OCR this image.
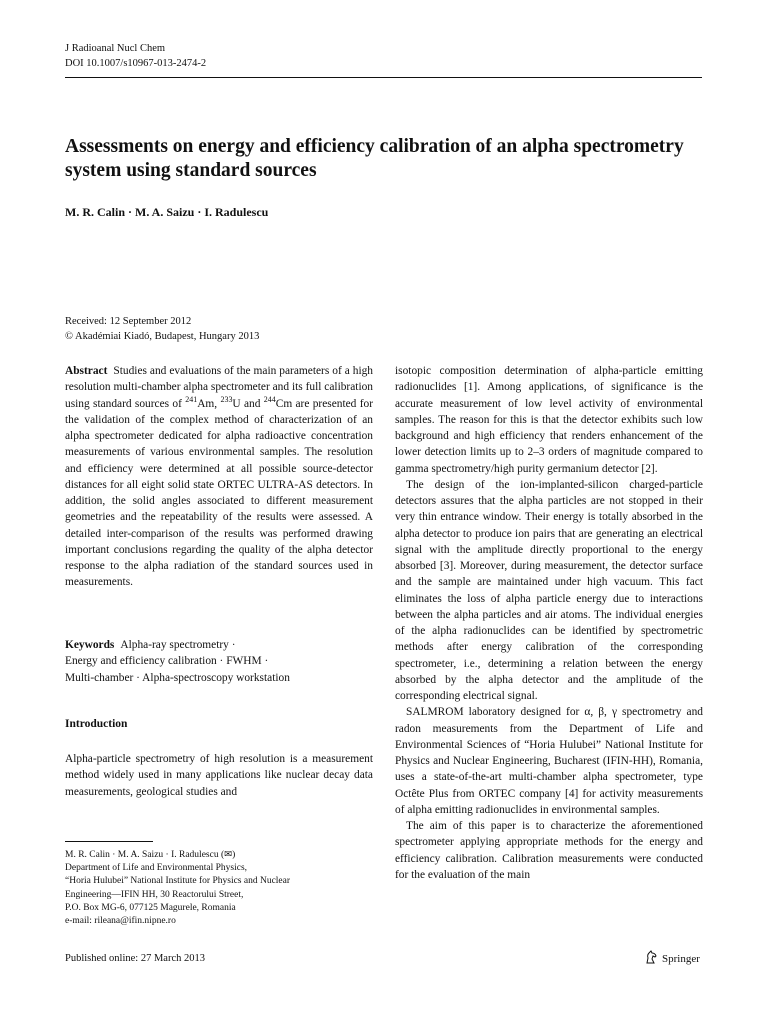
J Radioanal Nucl Chem
DOI 10.1007/s10967-013-2474-2
Assessments on energy and efficiency calibration of an alpha spectrometry system using standard sources
M. R. Calin · M. A. Saizu · I. Radulescu
Received: 12 September 2012
© Akadémiai Kiadó, Budapest, Hungary 2013

Abstract Studies and evaluations of the main parameters of a high resolution multi-chamber alpha spectrometer and its full calibration using standard sources of $^{241}$Am, $^{233}$U and $^{244}$Cm are presented for the validation of the complex method of characterization of an alpha spectrometer dedicated for alpha radioactive concentration measurements of various environmental samples. The resolution and efficiency were determined at all possible source-detector distances for all eight solid state ORTEC ULTRA-AS detectors. In addition, the solid angles associated to different measurement geometries and the repeatability of the results were assessed. A detailed inter-comparison of the results was performed drawing important conclusions regarding the quality of the alpha detector response to the alpha radiation of the standard sources used in measurements.

Keywords Alpha-ray spectrometry ·
Energy and efficiency calibration · FWHM ·
Multi-chamber · Alpha-spectroscopy workstation
Introduction

Alpha-particle spectrometry of high resolution is a measurement method widely used in many applications like nuclear decay data measurements, geological studies and

isotopic composition determination of alpha-particle emitting radionuclides [1]. Among applications, of significance is the accurate measurement of low level activity of environmental samples. The reason for this is that the detector exhibits such low background and high efficiency that renders enhancement of the lower detection limits up to 2–3 orders of magnitude compared to gamma spectrometry/high purity germanium detector [2].

The design of the ion-implanted-silicon charged-particle detectors assures that the alpha particles are not stopped in their very thin entrance window. Their energy is totally absorbed in the alpha detector to produce ion pairs that are generating an electrical signal with the amplitude directly proportional to the energy absorbed [3]. Moreover, during measurement, the detector surface and the sample are maintained under high vacuum. This fact eliminates the loss of alpha particle energy due to interactions between the alpha particles and air atoms. The individual energies of the alpha radionuclides can be identified by spectrometric methods after energy calibration of the corresponding spectrometer, i.e., determining a relation between the energy absorbed by the alpha detector and the amplitude of the corresponding electrical signal.

SALMROM laboratory designed for α, β, γ spectrometry and radon measurements from the Department of Life and Environmental Sciences of “Horia Hulubei” National Institute for Physics and Nuclear Engineering, Bucharest (IFIN-HH), Romania, uses a state-of-the-art multi-chamber alpha spectrometer, type Octête Plus from ORTEC company [4] for activity measurements of alpha emitting radionuclides in environmental samples.

The aim of this paper is to characterize the aforementioned spectrometer applying appropriate methods for the energy and efficiency calibration. Calibration measurements were conducted for the evaluation of the main

M. R. Calin · M. A. Saizu · I. Radulescu (✉)
Department of Life and Environmental Physics,
“Horia Hulubei” National Institute for Physics and Nuclear
Engineering—IFIN HH, 30 Reactorului Street,
P.O. Box MG-6, 077125 Magurele, Romania
e-mail: rileana@ifin.nipne.ro
Published online: 27 March 2013	Springer
